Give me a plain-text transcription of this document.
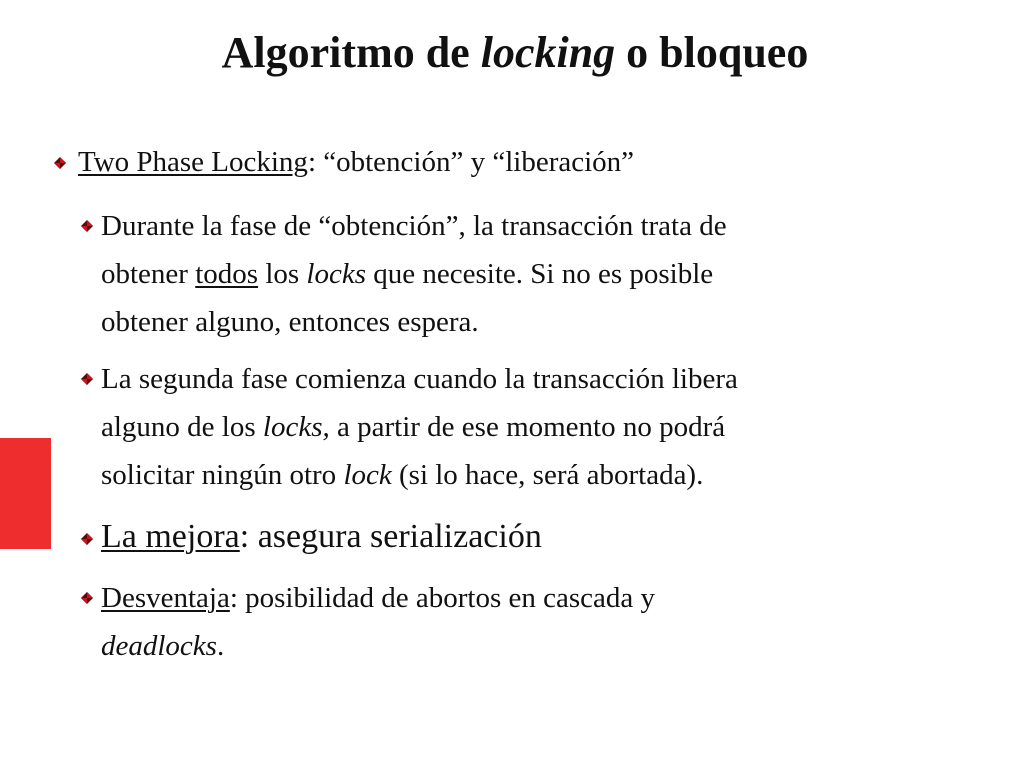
Algoritmo de locking o bloqueo
Two Phase Locking: “obtención” y “liberación”
Durante la fase de “obtención”, la transacción trata de
obtener todos los locks que necesite. Si no es posible
obtener alguno, entonces espera.
La segunda fase comienza cuando la transacción libera
alguno de los locks, a partir de ese momento no podrá
solicitar ningún otro lock (si lo hace, será abortada).
La mejora: asegura serialización
Desventaja: posibilidad de abortos en cascada y
deadlocks.
